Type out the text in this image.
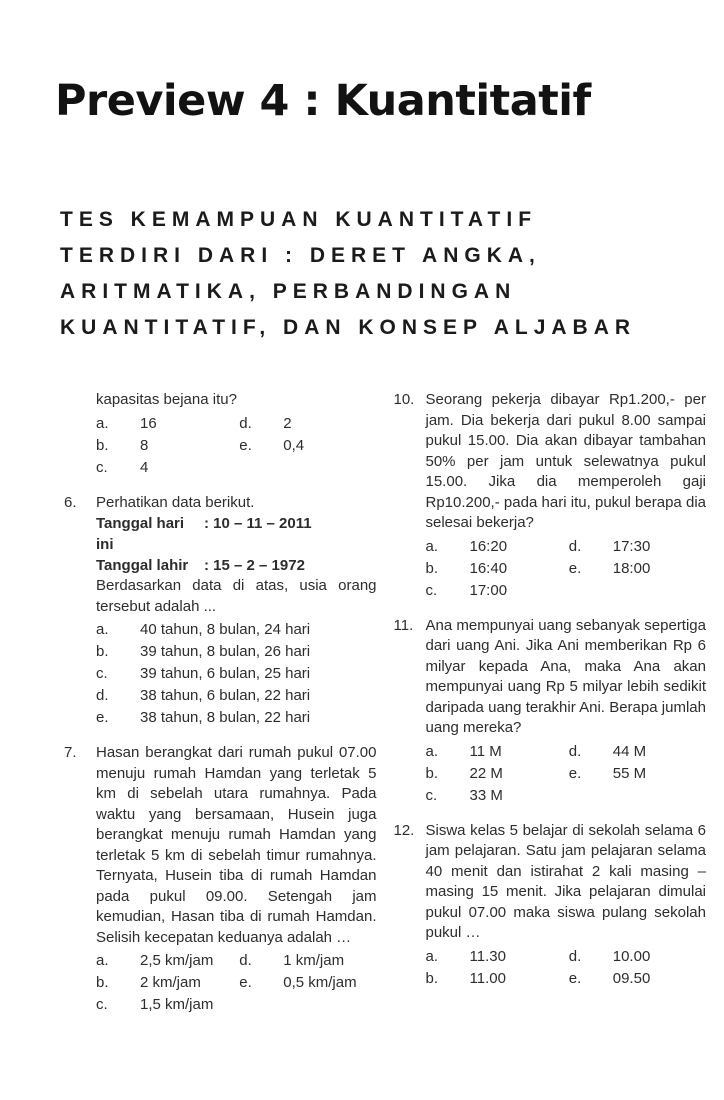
Preview 4 : Kuantitatif
TES KEMAMPUAN KUANTITATIF
TERDIRI DARI : DERET ANGKA,
ARITMATIKA, PERBANDINGAN
KUANTITATIF, DAN KONSEP ALJABAR

kapasitas bejana itu?

a.	16
b.	8
c.	4
d.	2
e.	0,4
6.	Perhatikan data berikut.

Tanggal hari ini
: 10 – 11 – 2011
Tanggal lahir	: 15 – 2 – 1972

Berdasarkan data di atas, usia orang tersebut adalah ...

a.	40 tahun, 8 bulan, 24 hari
b.	39 tahun, 8 bulan, 26 hari
c.	39 tahun, 6 bulan, 25 hari
d.	38 tahun, 6 bulan, 22 hari
e.	38 tahun, 8 bulan, 22 hari
7.	Hasan berangkat dari rumah pukul 07.00 menuju rumah Hamdan yang terletak 5 km di sebelah utara rumahnya. Pada waktu yang bersamaan, Husein juga berangkat menuju rumah Hamdan yang terletak 5 km di sebelah timur rumahnya. Ternyata, Husein tiba di rumah Hamdan pada pukul 09.00. Setengah jam kemudian, Hasan tiba di rumah Hamdan. Selisih kecepatan keduanya adalah …

a.	2,5 km/jam
b.	2 km/jam
c.	1,5 km/jam
d.	1 km/jam
e.	0,5 km/jam
10. Seorang pekerja dibayar Rp1.200,- per jam. Dia bekerja dari pukul 8.00 sampai pukul 15.00. Dia akan dibayar tambahan 50% per jam untuk selewatnya pukul 15.00. Jika dia memperoleh gaji Rp10.200,- pada hari itu, pukul berapa dia selesai bekerja?

a.	16:20
b.	16:40
c.	17:00
d.	17:30
e.	18:00
11. Ana mempunyai uang sebanyak sepertiga dari uang Ani. Jika Ani memberikan Rp 6 milyar kepada Ana, maka Ana akan mempunyai uang Rp 5 milyar lebih sedikit daripada uang terakhir Ani. Berapa jumlah uang mereka?

a.	11 M
b.	22 M
c.	33 M
d.	44 M
e.	55 M
12. Siswa kelas 5 belajar di sekolah selama 6 jam pelajaran. Satu jam pelajaran selama 40 menit dan istirahat 2 kali masing – masing 15 menit. Jika pelajaran dimulai pukul 07.00 maka siswa pulang sekolah pukul …

a.	11.30
b.	11.00
d.	10.00
e.	09.50
